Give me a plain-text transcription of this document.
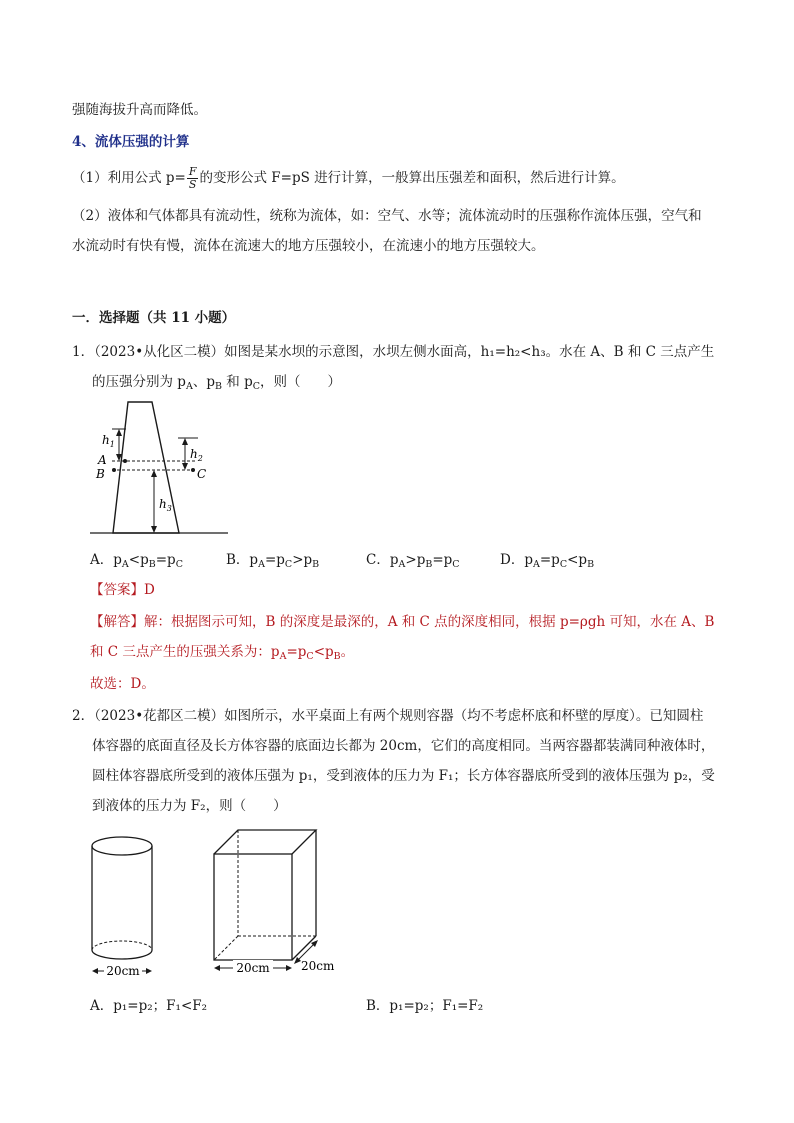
强随海拔升高而降低。
4、流体压强的计算
（1）利用公式 $p= \frac{F}{S}$ 的变形公式 F=pS 进行计算，一般算出压强差和面积，然后进行计算。
（2）液体和气体都具有流动性，统称为流体，如：空气、水等；流体流动时的压强称作流体压强，空气和
水流动时有快有慢，流体在流速大的地方压强较小，在流速小的地方压强较大。
一．选择题（共 11 小题）
1．（2023•从化区二模）如图是某水坝的示意图，水坝左侧水面高，h₁=h₂<h₃。水在 A、B 和 C 三点产生
的压强分别为 $p_A$、$p_B$ 和 $p_C$，则（　　）
$h_1$
$h_2$
$h_3$
A
B	C
A．$p_A<p_B=p_C$	B．$p_A=p_C>p_B$	C．$p_A>p_B=p_C$	D．$p_A=p_C<p_B$
【答案】D
【解答】解：根据图示可知，B 的深度是最深的，A 和 C 点的深度相同，根据 p=ρgh 可知，水在 A、B
和 C 三点产生的压强关系为：$p_A=p_C<p_B$。
故选：D。
2．（2023•花都区二模）如图所示，水平桌面上有两个规则容器（均不考虑杯底和杯壁的厚度）。已知圆柱
体容器的底面直径及长方体容器的底面边长都为 20cm，它们的高度相同。当两容器都装满同种液体时，
圆柱体容器底所受到的液体压强为 p₁，受到液体的压力为 F₁；长方体容器底所受到的液体压强为 p₂，受
到液体的压力为 F₂，则（　　）
20cm	20cm	20cm
A．p₁=p₂；F₁<F₂	B．p₁=p₂；F₁=F₂
